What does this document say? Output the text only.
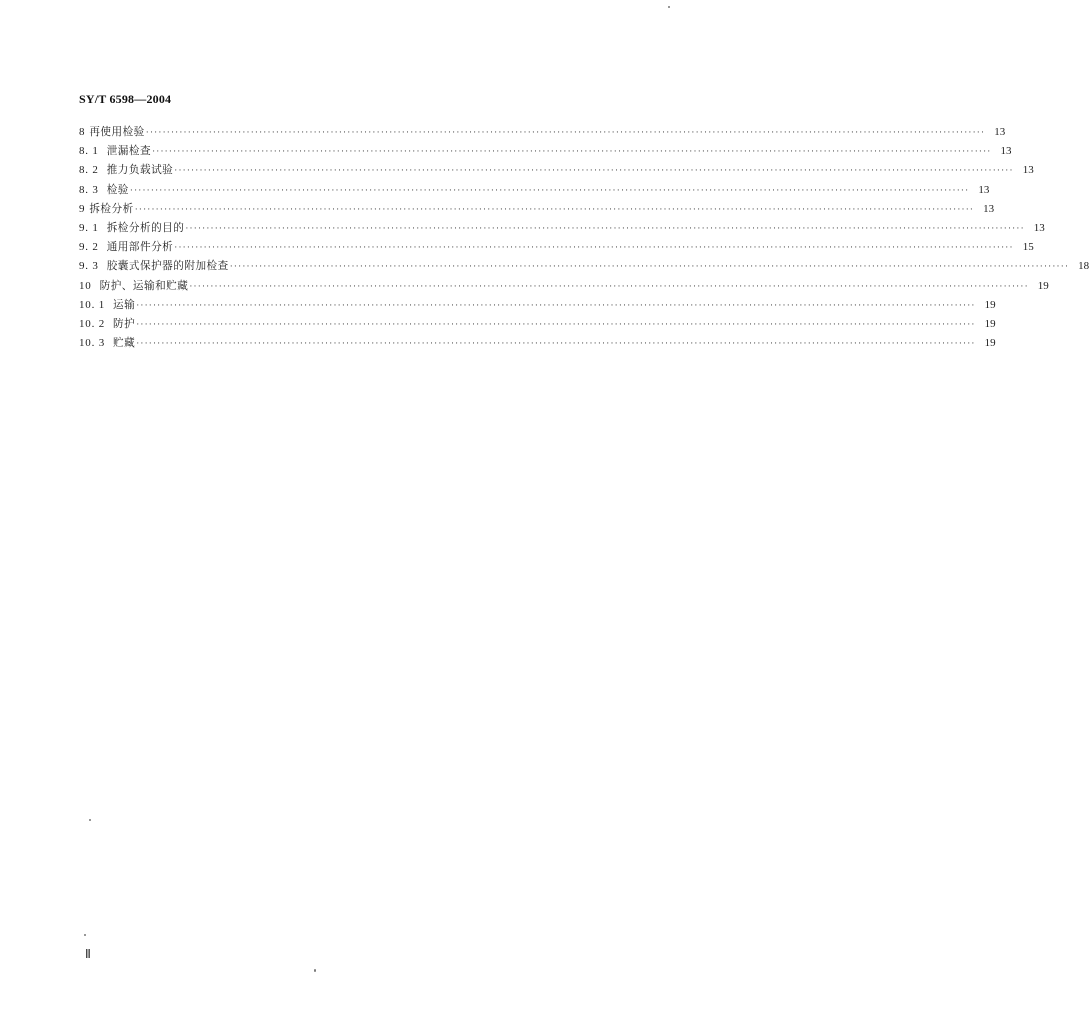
SY/T 6598—2004
8 再使用检验 ········································································································································································································ 13
8. 1 泄漏检查 ········································································································································································································ 13
8. 2 推力负载试验 ········································································································································································································ 13
8. 3 检验 ········································································································································································································ 13
9 拆检分析 ········································································································································································································ 13
9. 1 拆检分析的目的 ········································································································································································································ 13
9. 2 通用部件分析 ········································································································································································································ 15
9. 3 胶囊式保护器的附加检查 ········································································································································································································ 18
10 防护、运输和贮藏 ········································································································································································································ 19
10. 1 运输 ········································································································································································································ 19
10. 2 防护 ········································································································································································································ 19
10. 3 贮藏 ········································································································································································································ 19
Ⅱ
